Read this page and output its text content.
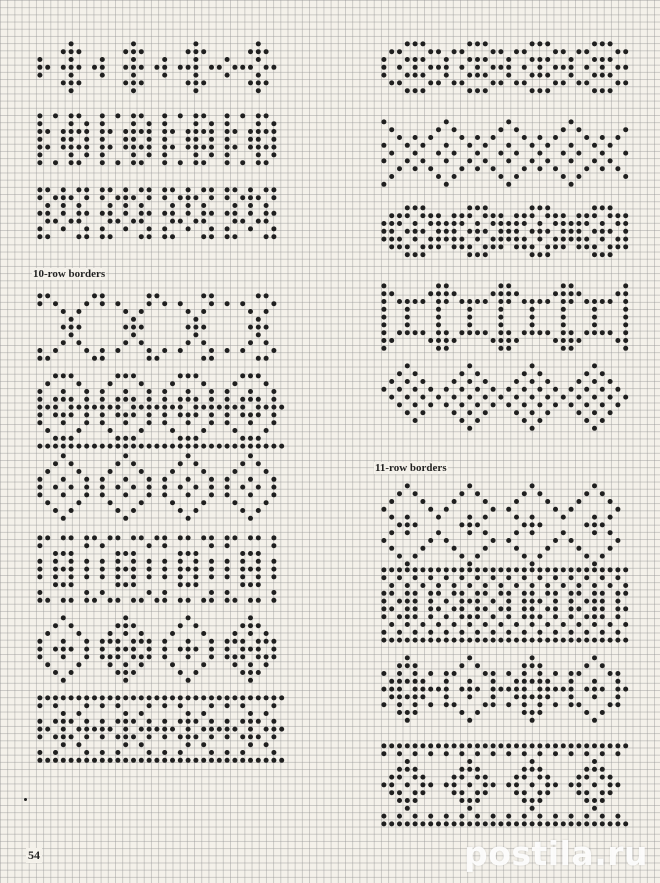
10-row borders
11-row borders
54	postila.ru
